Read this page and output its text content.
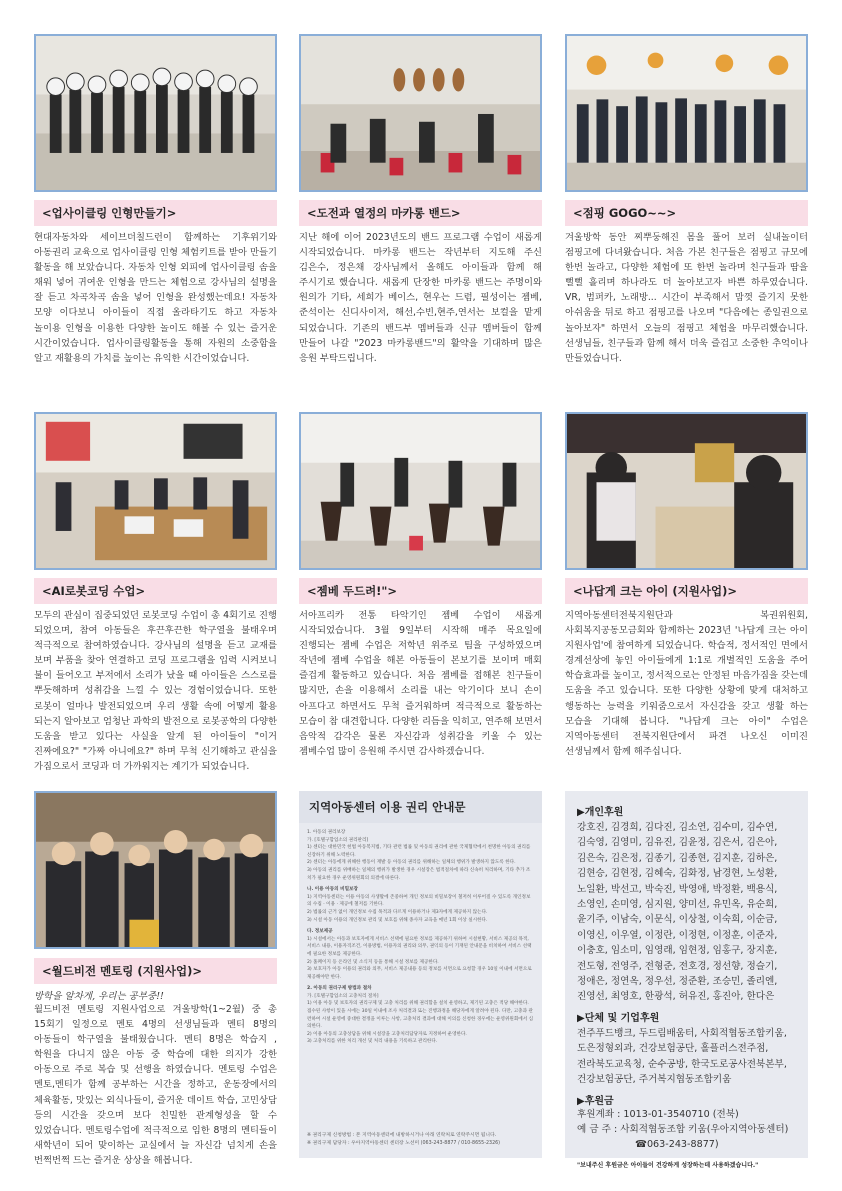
<업사이클링 인형만들기>	<도전과 열정의 마카롱 밴드>	<점핑 GOGO~~>
현대자동차와 세이브더칠드런이 함께하는 기후위기와 아동권리 교육으로 업사이클링 인형 체험키트를 받아 만들기 활동을 해 보았습니다. 자동차 인형 외피에 업사이클링 솜을 채워 넣어 귀여운 인형을 만드는 체험으로 강사님의 설명을 잘 듣고 차곡차곡 솜을 넣어 인형을 완성했는데요! 자동차 모양 이다보니 아이들이 직접 올라타기도 하고 자동차 놀이용 인형을 이용한 다양한 놀이도 해볼 수 있는 즐거운 시간이었습니다. 업사이클링활동을 통해 자원의 소중함을 알고 재활용의 가치를 높이는 유익한 시간이었습니다.
지난 해에 이어 2023년도의 밴드 프로그램 수업이 새롭게 시작되었습니다. 마카롱 밴드는 작년부터 지도해 주신 김은수, 정은채 강사님께서 올해도 아이들과 함께 해 주시기로 했습니다. 새롭게 단장한 마카롱 밴드는 주명이와 원의가 기타, 세희가 베이스, 현우는 드럼, 필성이는 젬베, 준석이는 신디사이저, 해선,수빈,현주,연서는 보컬을 맡게 되었습니다. 기존의 밴드부 멤버들과 신규 멤버들이 함께 만들어 나갈 "2023 마카롱밴드"의 활약을 기대하며 많은 응원 부탁드립니다.
겨울방학 동안 찌뿌둥해진 몸을 풀어 보러 실내놀이터 점핑고에 다녀왔습니다. 처음 가본 친구들은 점핑고 규모에 한번 놀라고, 다양한 체험에 또 한번 놀라며 친구들과 땀을 뻘뻘 흘리며 하나라도 더 놀아보고자 바쁜 하루였습니다. VR, 범퍼카, 노래방... 시간이 부족해서 맘껏 즐기지 못한 아쉬움을 뒤로 하고 점핑고를 나오며 "다음에는 종일권으로 놀아보자" 하면서 오늘의 점핑고 체험을 마무리했습니다. 선생님들, 친구들과 함께 해서 더욱 즐겁고 소중한 추억이나 만들었습니다.
<AI로봇코딩 수업>	<젬베 두드려!">	<나답게 크는 아이 (지원사업)>
모두의 관심이 집중되었던 로봇코딩 수업이 총 4회기로 진행 되었으며, 참여 아동들은 후끈후끈한 학구열을 불태우며 적극적으로 참여하였습니다. 강사님의 설명을 듣고 교재를 보며 부품을 찾아 연결하고 코딩 프로그램을 입력 시켜보니 불이 들어오고 부저에서 소리가 났을 때 아이들은 스스로를 뿌듯해하며 성취감을 느낄 수 있는 경험이었습니다. 또한 로봇이 얼마나 발전되었으며 우리 생활 속에 어떻게 활용 되는지 알아보고 엄청난 과학의 발전으로 로봇공학의 다양한 도움을 받고 있다는 사실을 알게 된 아이들이 "이거 진짜에요?" "가짜 아니에요?" 하며 무척 신기해하고 관심을 가짐으로서 코딩과 더 가까워지는 계기가 되었습니다.
서아프리카 전통 타악기인 젬베 수업이 새롭게 시작되었습니다. 3월 9일부터 시작해 매주 목요일에 진행되는 젬베 수업은 저학년 위주로 팀을 구성하였으며 작년에 젬베 수업을 해본 아동들이 본보기를 보이며 매회 즐겁게 활동하고 있습니다. 처음 젬베를 접해본 친구들이 많지만, 손을 이용해서 소리를 내는 악기이다 보니 손이 아프다고 하면서도 무척 즐거워하며 적극적으로 활동하는 모습이 참 대견합니다. 다양한 리듬을 익히고, 연주해 보면서 음악적 감각은 물론 자신감과 성취감을 키울 수 있는 젬베수업 많이 응원해 주시면 감사하겠습니다.
지역아동센터전북지원단과 복권위원회, 사회복지공동모금회와 함께하는 2023년 '나답게 크는 아이 지원사업'에 참여하게 되었습니다. 학습적, 정서적인 면에서 경계선상에 놓인 아이들에게 1:1로 개별적인 도움을 주어 학습효과를 높이고, 정서적으로는 안정된 마음가짐을 갖는데 도움을 주고 있습니다. 또한 다양한 상황에 맞게 대처하고 행동하는 능력을 키워줌으로서 자신감을 갖고 생활 하는 모습을 기대해 봅니다. "나답게 크는 아이" 수업은 지역아동센터 전북지원단에서 파견 나오신 이미진 선생님께서 함께 해주십니다.
<월드비전 멘토링 (지원사업)>
방학을 알차게, 우리는 공부중!!
월드비전 멘토링 지원사업으로 겨울방학(1~2월) 중 총 15회기 일정으로 멘토 4명의 선생님들과 멘티 8명의 아동들이 학구열을 불태웠습니다. 멘티 8명은 학습지 ,학원을 다니지 않은 아동 중 학습에 대한 의지가 강한 아동으로 주로 복습 및 선행을 하였습니다. 멘토링 수업은 멘토,멘티가 함께 공부하는 시간을 정하고, 운동장에서의 체육활동, 맛있는 외식나들이, 즐거운 데이트 학습, 고민상담 등의 시간을 갖으며 보다 친밀한 관계형성을 할 수 있었습니다. 멘토링수업에 적극적으로 임한 8명의 멘티들이 새학년이 되어 맞이하는 교실에서 늘 자신감 넘치게 손을 번쩍번쩍 드는 즐거운 상상을 해봅니다.
지역아동센터 이용 권리 안내문
1. 아동의 권리보장
가. [호텔구합업소의 권리판리]
1) 센터는 대한민국 헌법 아동복지법, 기타 관련 법률 및 아동의 권리에 관한 국제협약에서 천명한 아동의 권리를 신장하기 위해 노력한다.
2) 센터는 아동에게 위해한 행동이 재발 등 아동의 권리를 위해하는 일체의 행위가 발생하지 않도록 한다.
3) 아동의 권리를 위배하는 일체의 행위가 발생한 경우 시설장은 법적절차에 따라 신속히 처리하며, 기타 추가 조치가 필요한 경우 운영위원회의 의결에 따른다.
나. 이용 아동의 비밀보장
1) 지역아동센터는 이용 아동의 사생활에 존중하여 개인 정보의 비밀보장이 철저히 이루어질 수 있도록 개인정보의 수집 · 이용 · 제공에 철저를 기한다.
2) 법률의 근거 없이 개인정보 수집 목적과 다르게 이용하거나 제3자에게 제공하지 않는다.
3) 시설 아동 이용의 개인정보 관리 및 보호를 위해 종사자 교육을 매년 1회 이상 실시한다.
다. 정보제공
1) 시설에서는 아동과 보호자에게 서비스 선택에 필요한 정보를 제공하기 위하여 시설현황, 서비스 제공의 목적, 서비스 내용, 이용자격조건, 이용방법, 이용자의 권리와 의무, 권익의 등이 기재된 안내문을 비치하여 서비스 선택에 필요한 정보를 제공한다.
2) 홈페이지 등 온라인 및 소식지 등을 통해 시설 정보를 제공한다.
3) 보호자가 아동 이용의 권리와 의무, 서비스 제공내용 등의 정보를 서면으로 요청할 경우 10일 이내에 서면으로 제공해야만 한다.
2. 아동의 권리구제 방법과 절차
가. [호텔구합업소의 고충처리 절차]
1) 이용 아동 및 보호자의 권리구제 및 고충 처리를 위해 권리함을 설치 운영하고, 제기된 고충은 적당 해야한다. 접수된 사항이 있을 시에는 30일 이내에 조사 처리결과 또는 진행과정을 해당자에게 알려야 된다. 다만, 고충과 관련하여 시설 운영에 중대한 결정을 이루는 사항, 고충처리 결과에 대해 이의를 신청한 경우에는 운영위원회에서 심의한다.
2) 이용 아동의 고충상담을 위해 시설장을 고충처리담당자로 지정하여 운영한다.
3) 고충처리를 위한 처리 개선 및 처리 내용을 기록하고 관리한다.
※ 권리구제 신청방법 : 본 지역아동센터에 내방하시거나 아래 연락처로 연락주시면 됩니다.
※ 권리구제 담당자 : 우아지역아동센터 센터장 노선미 (063-243-8877 / 010-8655-2326)
▶개인후원
강호진, 김경희, 김다진, 김소연, 김수미, 김수연, 김숙영, 김영미, 김유진, 김윤정, 김은서, 김은아, 김은숙, 김은정, 김종기, 김종현, 김지훈, 김하은, 김현승, 김현정, 김혜숙, 김화정, 남경현, 노성환, 노일환, 박선고, 박숙진, 박영애, 박정환, 백용식, 소영인, 손미영, 심지원, 양미선, 유민옥, 유순희, 윤기주, 이남숙, 이문식, 이상철, 이숙희, 이순금, 이영신, 이우열, 이정란, 이정현, 이정훈, 이준자, 이충호, 임소미, 임영래, 임현정, 임홍구, 장지훈, 전도형, 전영주, 전형준, 전호경, 정선향, 정슬기, 정애은, 정연옥, 정우선, 정준환, 조승민, 졸리엔, 진영선, 최영호, 한광석, 허유진, 홍진아, 한다은
▶단체 및 기업후원
전주푸드뱅크, 두드림배움터, 사회적협동조합키움, 도은정형외과, 건강보험공단, 홀플러스전주점, 전라북도교육청, 순수공방, 한국도로공사전북본부, 건강보험공단, 주거복지협동조합키움
▶후원금
후원계좌 : 1013-01-3540710 (전북)
예 금 주 : 사회적협동조합 키움(우아지역아동센터)
☎063-243-8877)
"보내주신 후원금은 아이들이 건강하게 성장하는데 사용하겠습니다."
